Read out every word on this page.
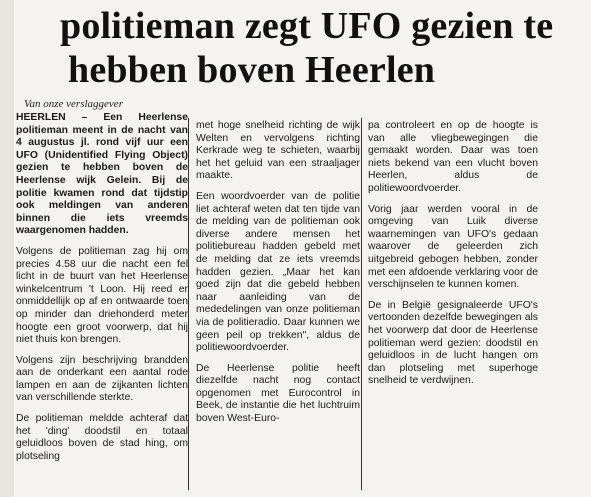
politieman zegt UFO gezien te
hebben boven Heerlen
Van onze verslaggever

HEERLEN – Een Heerlense politieman meent in de nacht van 4 augustus jl. rond vijf uur een UFO (Unidentified Flying Object) gezien te hebben boven de Heerlense wijk Gelein. Bij de politie kwamen rond dat tijdstip ook meldingen van anderen binnen die iets vreemds waargenomen hadden.

Volgens de politieman zag hij om precies 4.58 uur die nacht een fel licht in de buurt van het Heerlense winkelcentrum 't Loon. Hij reed er onmiddellijk op af en ontwaarde toen op minder dan driehonderd meter hoogte een groot voorwerp, dat hij niet thuis kon brengen.

Volgens zijn beschrijving brandden aan de onderkant een aantal rode lampen en aan de zijkanten lichten van verschillende sterkte.

De politieman meldde achteraf dat het 'ding' doodstil en totaal geluidloos boven de stad hing, om plotseling

met hoge snelheid richting de wijk Welten en vervolgens richting Kerkrade weg te schieten, waarbij het het geluid van een straaljager maakte.

Een woordvoerder van de politie liet achteraf weten dat ten tijde van de melding van de politieman ook diverse andere mensen het politiebureau hadden gebeld met de melding dat ze iets vreemds hadden gezien. „Maar het kan goed zijn dat die gebeld hebben naar aanleiding van de mededelingen van onze politieman via de politieradio. Daar kunnen we geen peil op trekken", aldus de politiewoordvoerder.

De Heerlense politie heeft diezelfde nacht nog contact opgenomen met Eurocontrol in Beek, de instantie die het luchtruim boven West-Euro-

pa controleert en op de hoogte is van alle vliegbewegingen die gemaakt worden. Daar was toen niets bekend van een vlucht boven Heerlen, aldus de politiewoordvoerder.

Vorig jaar werden vooral in de omgeving van Luik diverse waarnemingen van UFO's gedaan waarover de geleerden zich uitgebreid gebogen hebben, zonder met een afdoende verklaring voor de verschijnselen te kunnen komen.

De in België gesignaleerde UFO's vertoonden dezelfde bewegingen als het voorwerp dat door de Heerlense politieman werd gezien: doodstil en geluidloos in de lucht hangen om dan plotseling met superhoge snelheid te verdwijnen.
